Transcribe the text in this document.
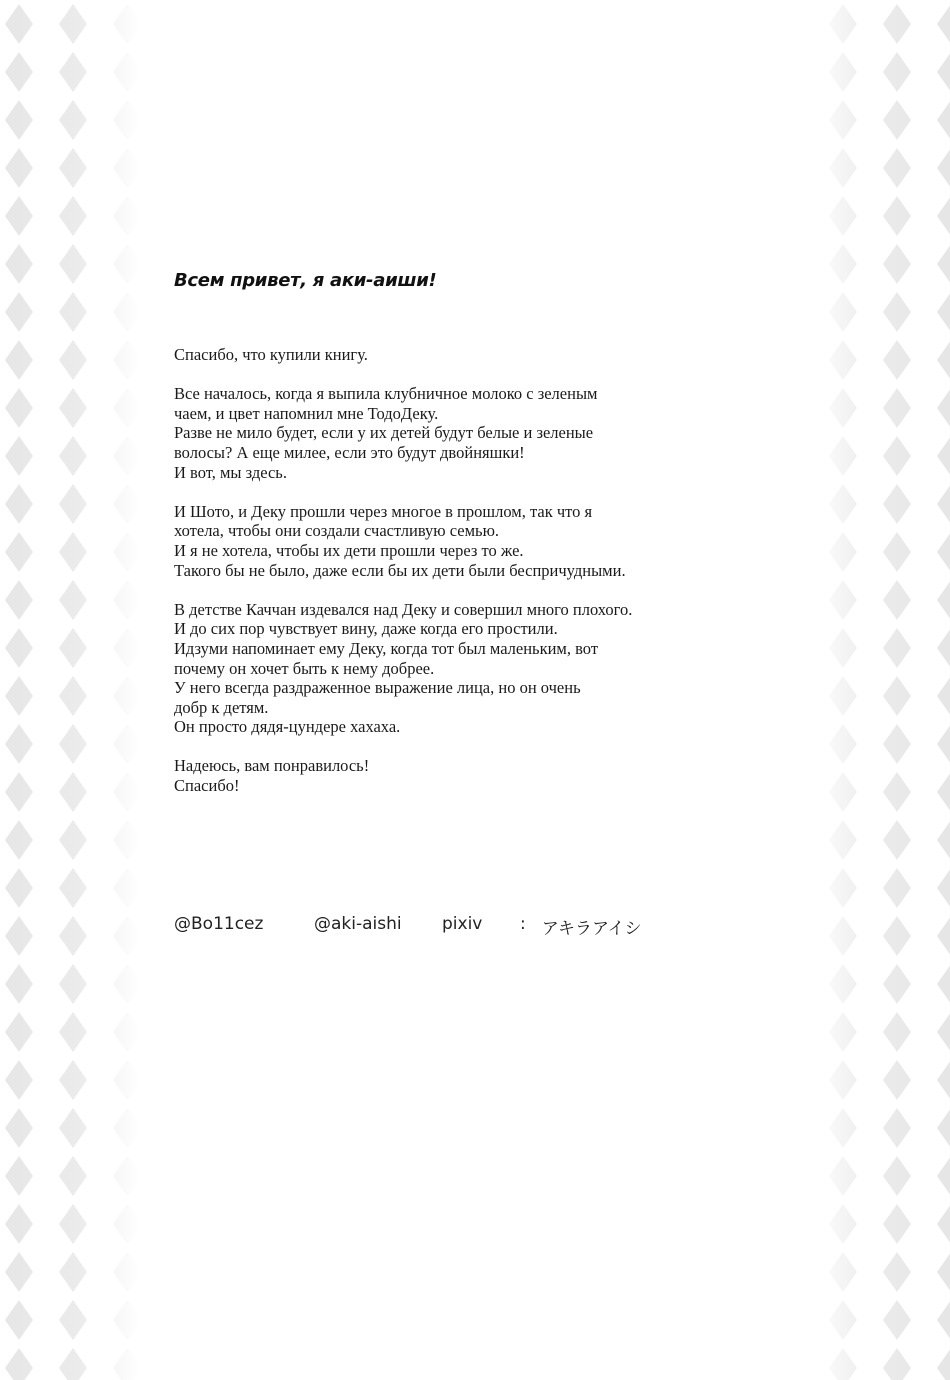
Всем привет, я аки-аиши!

Спасибо, что купили книгу.

Все началось, когда я выпила клубничное молоко с зеленым
чаем, и цвет напомнил мне ТодоДеку.
Разве не мило будет, если у их детей будут белые и зеленые
волосы? А еще милее, если это будут двойняшки!
И вот, мы здесь.

И Шото, и Деку прошли через многое в прошлом, так что я
хотела, чтобы они создали счастливую семью.
И я не хотела, чтобы их дети прошли через то же.
Такого бы не было, даже если бы их дети были беспричудными.

В детстве Каччан издевался над Деку и совершил много плохого.
И до сих пор чувствует вину, даже когда его простили.
Идзуми напоминает ему Деку, когда тот был маленьким, вот
почему он хочет быть к нему добрее.
У него всегда раздраженное выражение лица, но он очень
добр к детям.
Он просто дядя-цундере хахаха.

Надеюсь, вам понравилось!
Спасибо!

@Bo11cez	@aki-aishi	pixiv	: アキラアイシ
